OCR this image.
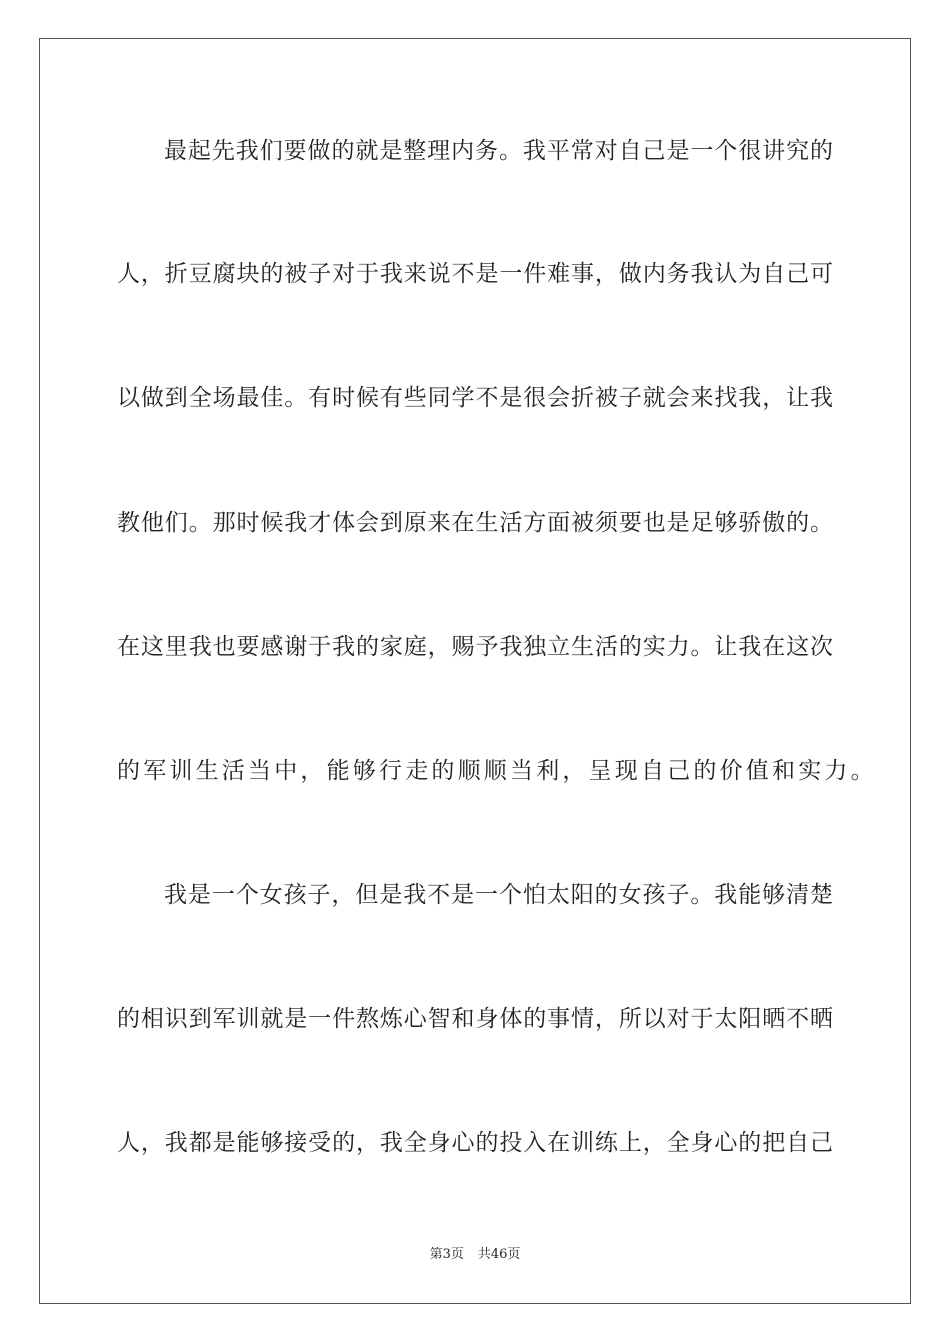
最起先我们要做的就是整理内务。我平常对自己是一个很讲究的
人，折豆腐块的被子对于我来说不是一件难事，做内务我认为自己可
以做到全场最佳。有时候有些同学不是很会折被子就会来找我，让我
教他们。那时候我才体会到原来在生活方面被须要也是足够骄傲的。
在这里我也要感谢于我的家庭，赐予我独立生活的实力。让我在这次
的军训生活当中，能够行走的顺顺当利，呈现自己的价值和实力。
我是一个女孩子，但是我不是一个怕太阳的女孩子。我能够清楚
的相识到军训就是一件熬炼心智和身体的事情，所以对于太阳晒不晒
人，我都是能够接受的，我全身心的投入在训练上，全身心的把自己
第3页 共46页
